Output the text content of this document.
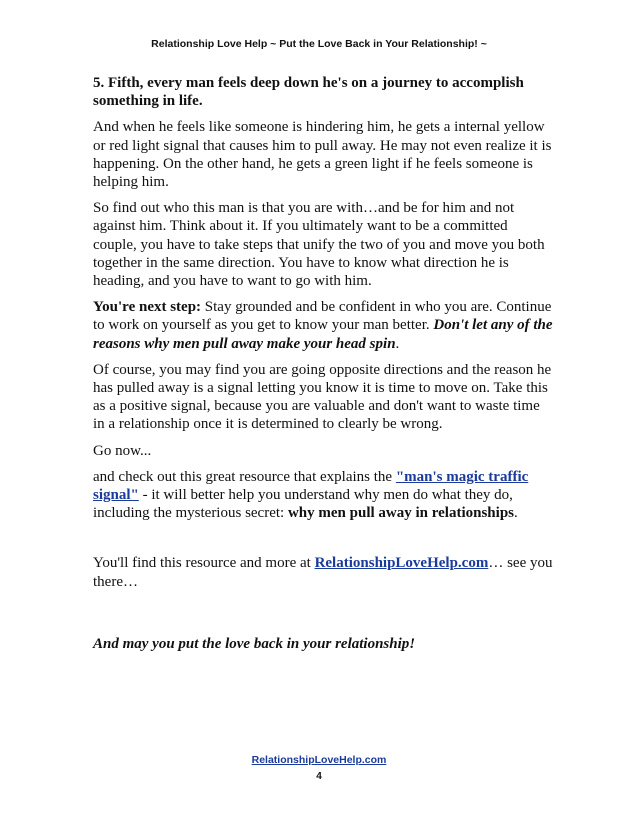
Relationship Love Help ~ Put the Love Back in Your Relationship! ~

5. Fifth, every man feels deep down he's on a journey to accomplish something in life.

And when he feels like someone is hindering him, he gets a internal yellow or red light signal that causes him to pull away. He may not even realize it is happening. On the other hand, he gets a green light if he feels someone is helping him.

So find out who this man is that you are with…and be for him and not against him. Think about it. If you ultimately want to be a committed couple, you have to take steps that unify the two of you and move you both together in the same direction. You have to know what direction he is heading, and you have to want to go with him.

You're next step: Stay grounded and be confident in who you are. Continue to work on yourself as you get to know your man better. Don't let any of the reasons why men pull away make your head spin.

Of course, you may find you are going opposite directions and the reason he has pulled away is a signal letting you know it is time to move on. Take this as a positive signal, because you are valuable and don't want to waste time in a relationship once it is determined to clearly be wrong.

Go now...

and check out this great resource that explains the "man's magic traffic signal" - it will better help you understand why men do what they do, including the mysterious secret: why men pull away in relationships.

You'll find this resource and more at RelationshipLoveHelp.com… see you there…

And may you put the love back in your relationship!

RelationshipLoveHelp.com
4
